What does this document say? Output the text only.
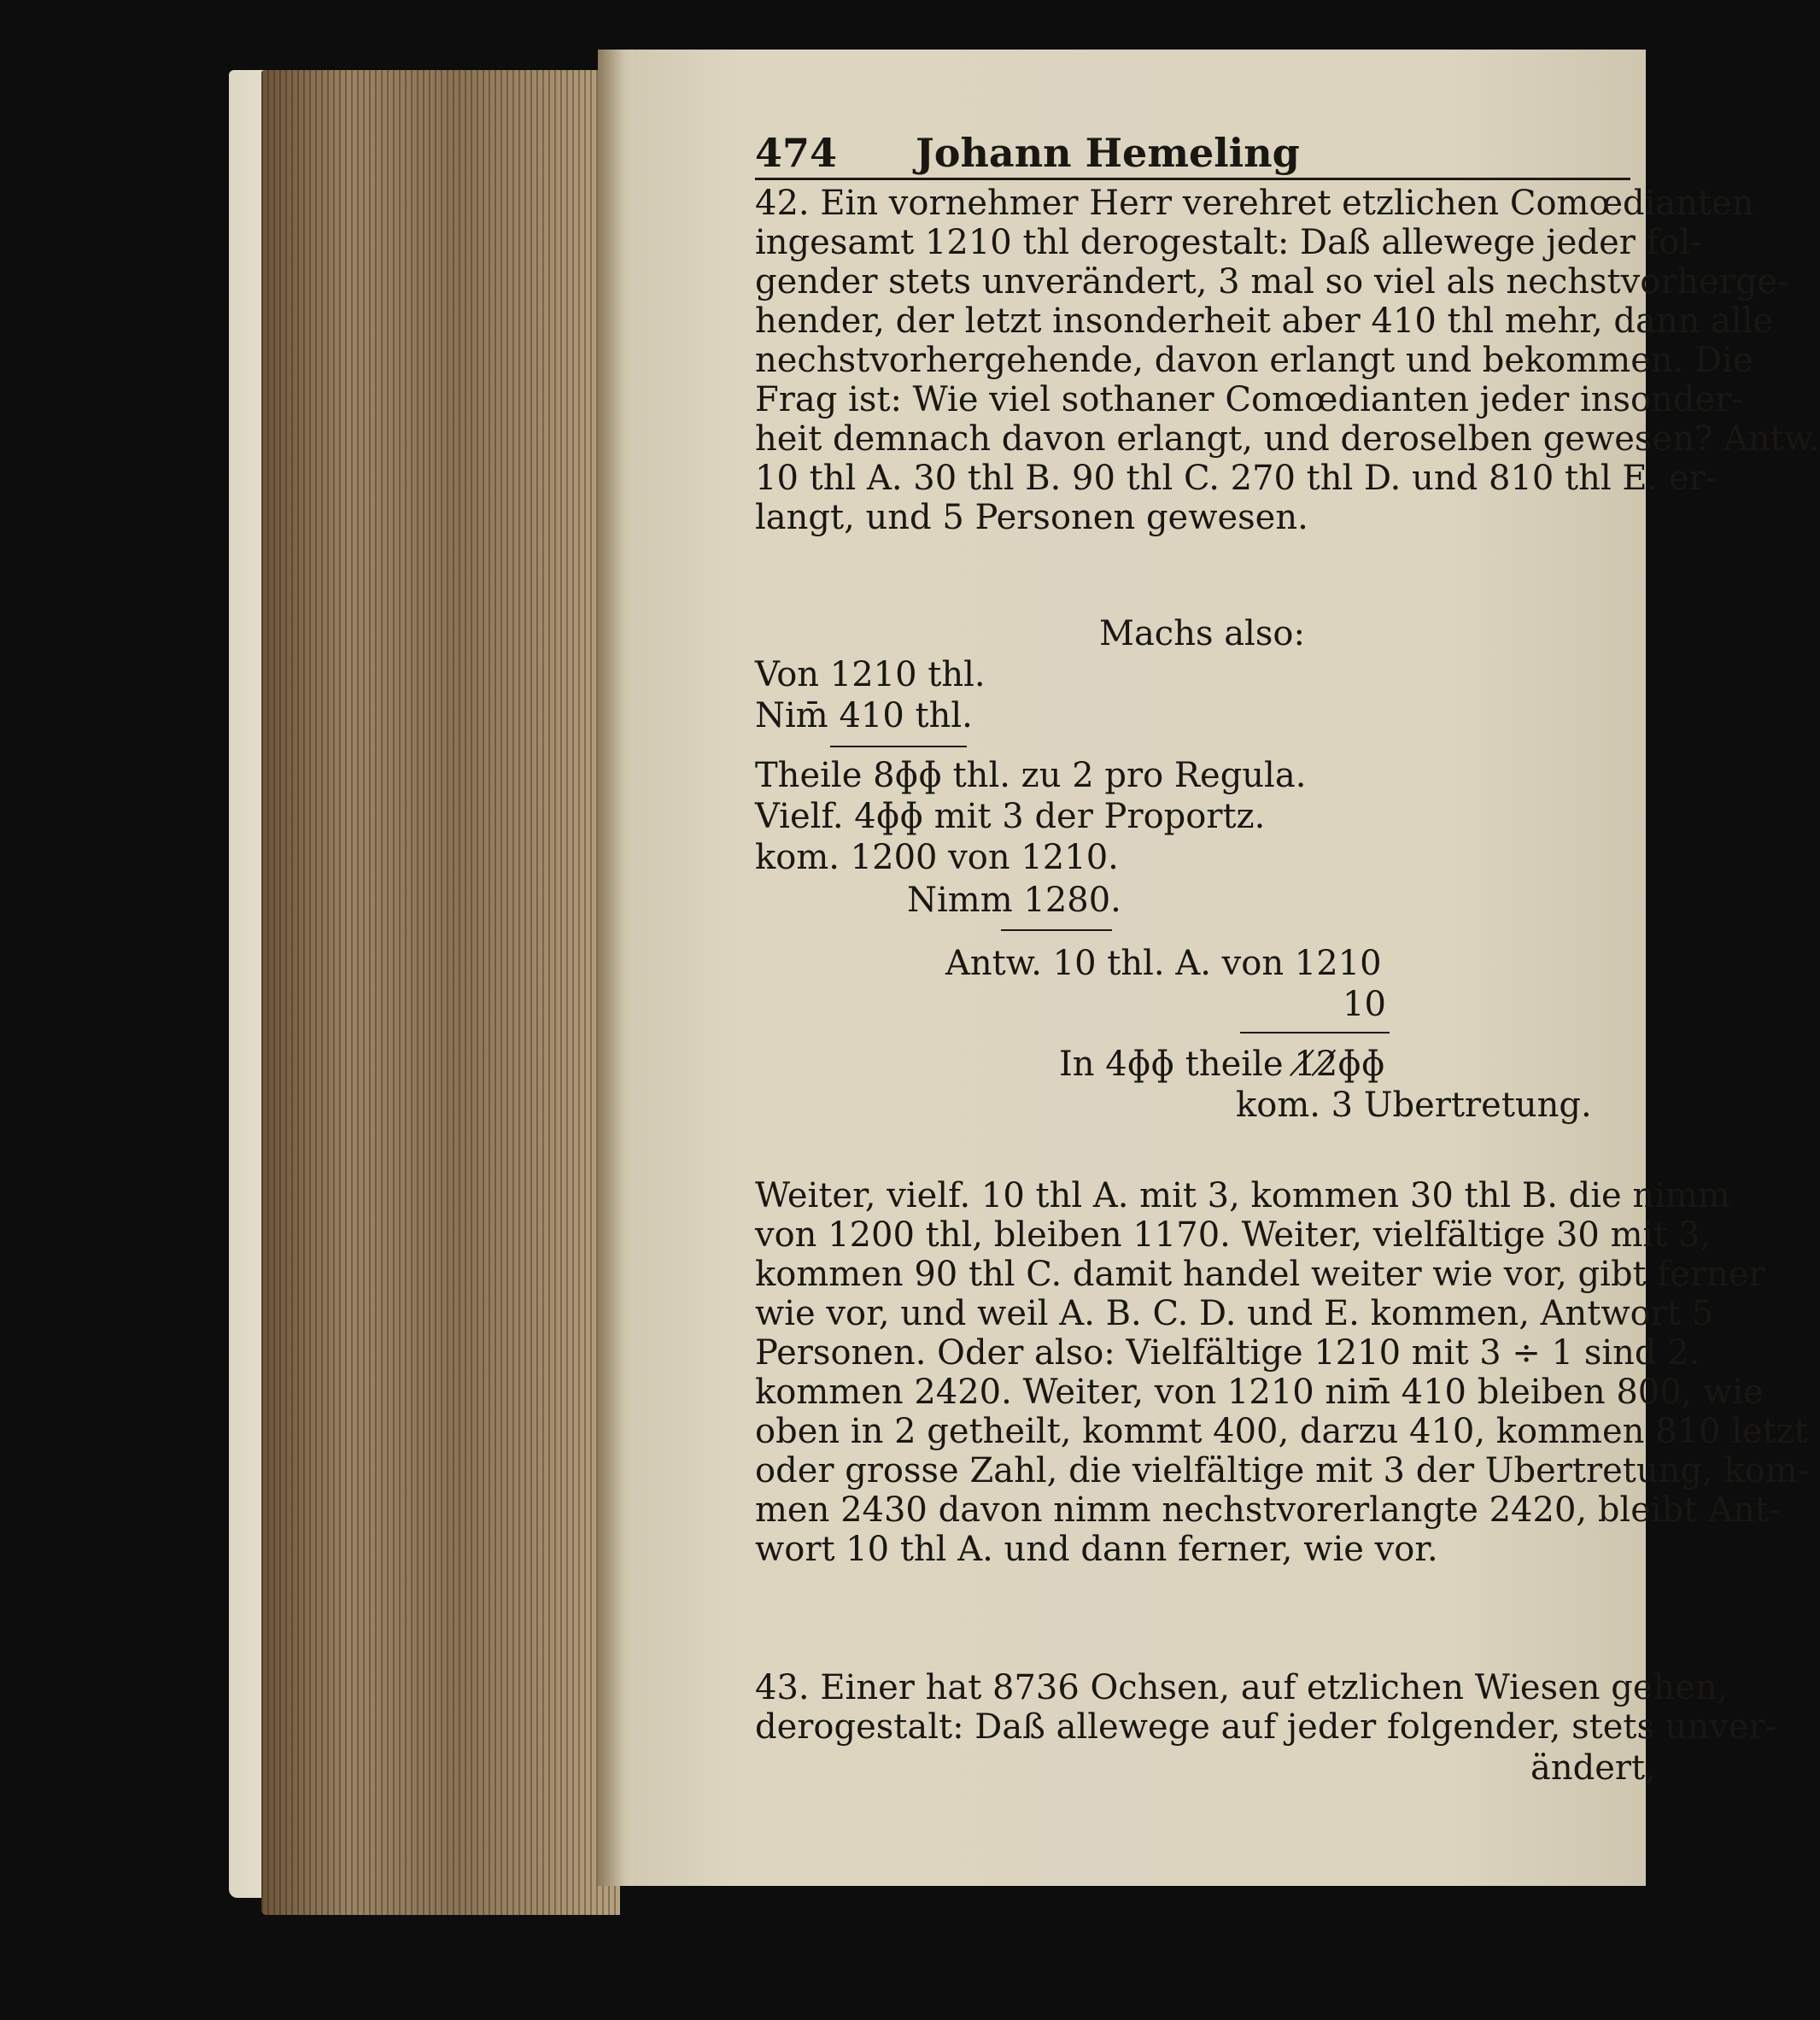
474 Johann Hemeling
42. Ein vornehmer Herr verehret etzlichen Comœdianten
ingesamt 1210 thl derogestalt: Daß allewege jeder fol-
gender stets unverändert, 3 mal so viel als nechstvorherge-
hender, der letzt insonderheit aber 410 thl mehr, dann alle
nechstvorhergehende, davon erlangt und bekommen. Die
Frag ist: Wie viel sothaner Comœdianten jeder insonder-
heit demnach davon erlangt, und deroselben gewesen? Antw.
10 thl A. 30 thl B. 90 thl C. 270 thl D. und 810 thl E. er-
langt, und 5 Personen gewesen.
Machs also:
Von 1210 thl.
Nim̄ 410 thl.
Theile 8ɸɸ thl. zu 2 pro Regula.
Vielf. 4ɸɸ mit 3 der Proportz.
kom. 1200 von 1210.
Nimm 1280.
Antw. 10 thl. A. von 1210
10
In 4ɸɸ theile 1̸2̸ɸɸ
kom. 3 Ubertretung.
Weiter, vielf. 10 thl A. mit 3, kommen 30 thl B. die nimm
von 1200 thl, bleiben 1170. Weiter, vielfältige 30 mit 3,
kommen 90 thl C. damit handel weiter wie vor, gibt ferner
wie vor, und weil A. B. C. D. und E. kommen, Antwort 5
Personen. Oder also: Vielfältige 1210 mit 3 ÷ 1 sind 2.
kommen 2420. Weiter, von 1210 nim̄ 410 bleiben 800, wie
oben in 2 getheilt, kommt 400, darzu 410, kommen 810 letzt
oder grosse Zahl, die vielfältige mit 3 der Ubertretung, kom-
men 2430 davon nimm nechstvorerlangte 2420, bleibt Ant-
wort 10 thl A. und dann ferner, wie vor.
43. Einer hat 8736 Ochsen, auf etzlichen Wiesen gehen,
derogestalt: Daß allewege auf jeder folgender, stets unver-
ändert,
